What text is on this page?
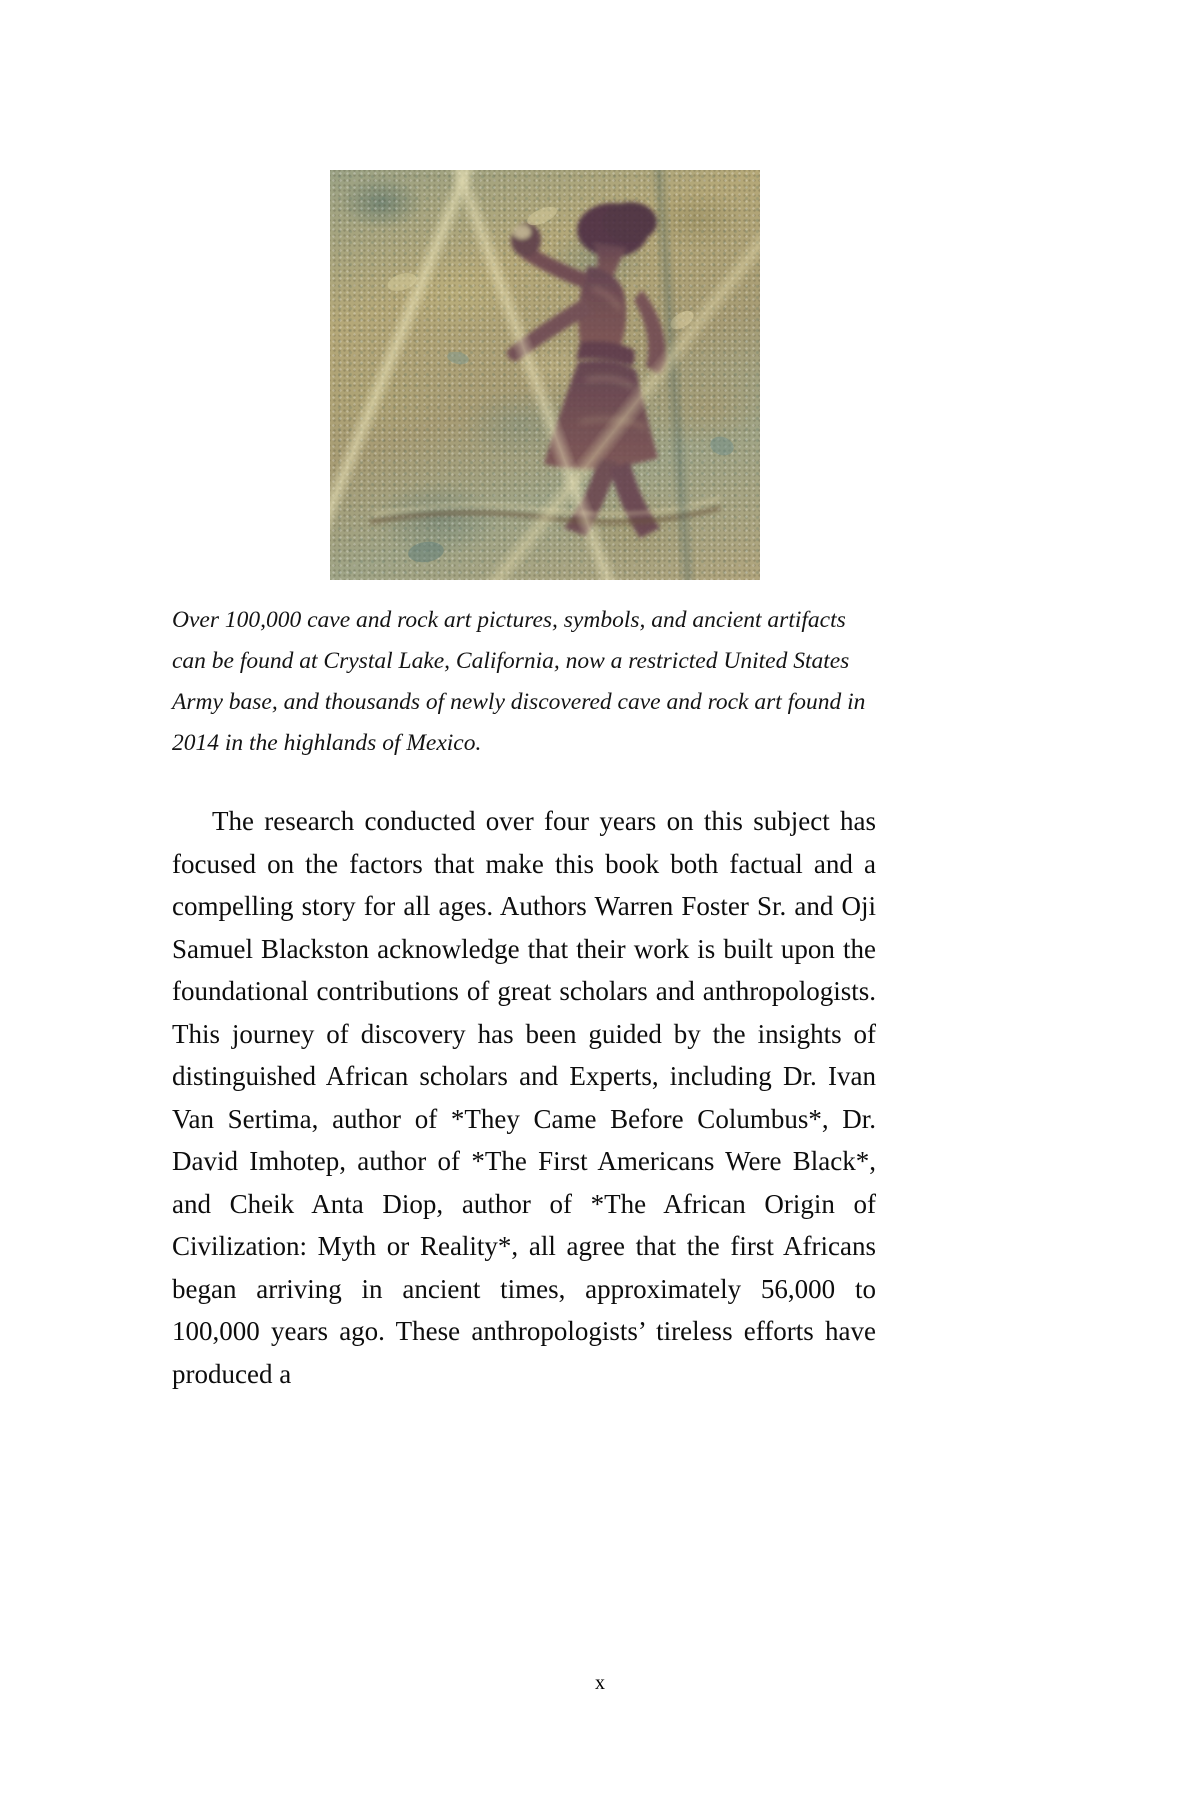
Over 100,000 cave and rock art pictures, symbols, and ancient artifacts can be found at Crystal Lake, California, now a restricted United States Army base, and thousands of newly discovered cave and rock art found in 2014 in the highlands of Mexico.
The research conducted over four years on this subject has focused on the factors that make this book both factual and a compelling story for all ages. Authors Warren Foster Sr. and Oji Samuel Blackston acknowledge that their work is built upon the foundational contributions of great scholars and anthropologists. This journey of discovery has been guided by the insights of distinguished African scholars and Experts, including Dr. Ivan Van Sertima, author of *They Came Before Columbus*, Dr. David Imhotep, author of *The First Americans Were Black*, and Cheik Anta Diop, author of *The African Origin of Civilization: Myth or Reality*, all agree that the first Africans began arriving in ancient times, approximately 56,000 to 100,000 years ago. These anthropologists’ tireless efforts have produced a
x
